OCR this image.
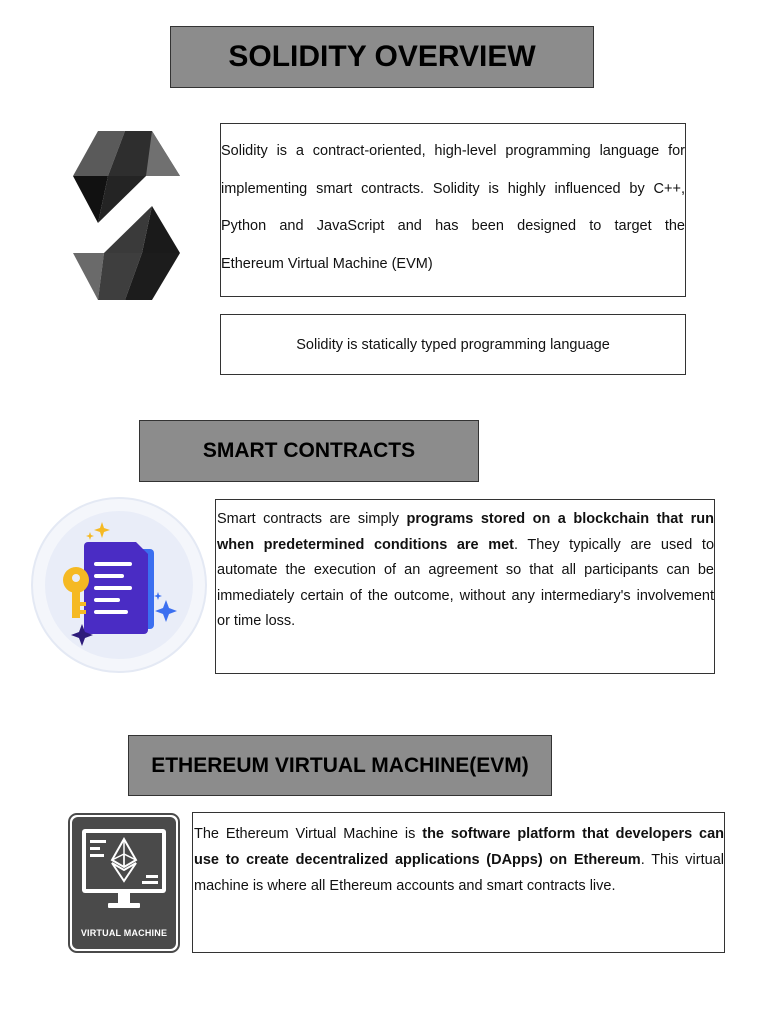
SOLIDITY OVERVIEW

Solidity is a contract-oriented, high-level programming language for

implementing smart contracts. Solidity is highly influenced by C++,

Python and JavaScript and has been designed to target the

Ethereum Virtual Machine (EVM)

Solidity is statically typed programming language
SMART CONTRACTS

Smart contracts are simply programs stored on a blockchain that run when predetermined conditions are met. They typically are used to automate the execution of an agreement so that all participants can be immediately certain of the outcome, without any intermediary's involvement or time loss.

ETHEREUM VIRTUAL MACHINE(EVM)
VIRTUAL MACHINE

The Ethereum Virtual Machine is the software platform that developers can use to create decentralized applications (DApps) on Ethereum. This virtual machine is where all Ethereum accounts and smart contracts live.
